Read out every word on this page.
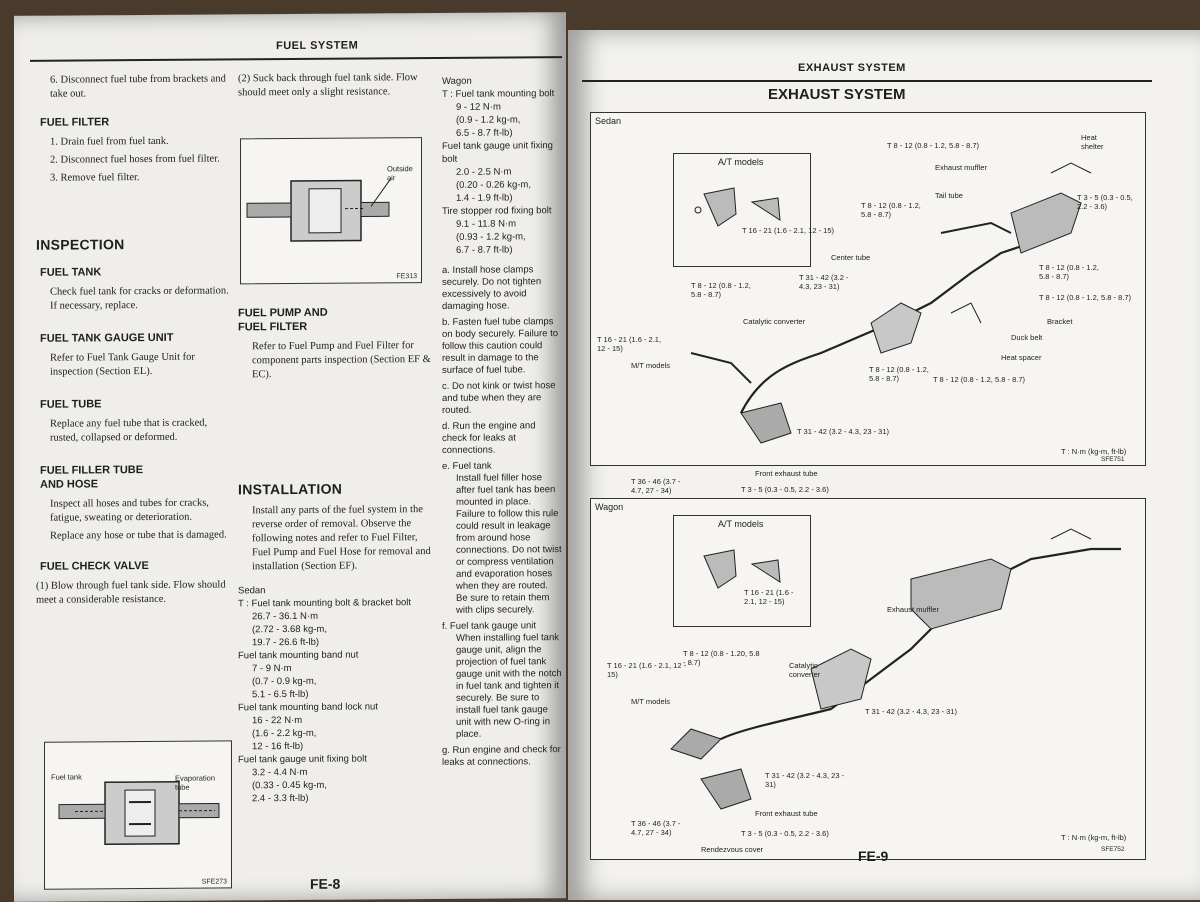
FUEL SYSTEM

6. Disconnect fuel tube from brackets and take out.

FUEL FILTER

1. Drain fuel from fuel tank.

2. Disconnect fuel hoses from fuel filter.

3. Remove fuel filter.

INSPECTION
FUEL TANK

Check fuel tank for cracks or deformation. If necessary, replace.

FUEL TANK GAUGE UNIT

Refer to Fuel Tank Gauge Unit for inspection (Section EL).

FUEL TUBE

Replace any fuel tube that is cracked, rusted, collapsed or deformed.

FUEL FILLER TUBE
AND HOSE

Inspect all hoses and tubes for cracks, fatigue, sweating or deterioration.

Replace any hose or tube that is damaged.

FUEL CHECK VALVE

(1) Blow through fuel tank side. Flow should meet a considerable resistance.

Fuel tank	Evaporation tube
SFE273

(2) Suck back through fuel tank side. Flow should meet only a slight resistance.

Outside air
FE313
FUEL PUMP AND
FUEL FILTER

Refer to Fuel Pump and Fuel Filter for component parts inspection (Section EF & EC).

INSTALLATION

Install any parts of the fuel system in the reverse order of removal. Observe the following notes and refer to Fuel Filter, Fuel Pump and Fuel Hose for removal and installation (Section EF).

Sedan
T : Fuel tank mounting bolt & bracket bolt
26.7 - 36.1 N·m
(2.72 - 3.68 kg-m,
19.7 - 26.6 ft-lb)
Fuel tank mounting band nut
7 - 9 N·m
(0.7 - 0.9 kg-m,
5.1 - 6.5 ft-lb)
Fuel tank mounting band lock nut
16 - 22 N·m
(1.6 - 2.2 kg-m,
12 - 16 ft-lb)
Fuel tank gauge unit fixing bolt
3.2 - 4.4 N·m
(0.33 - 0.45 kg-m,
2.4 - 3.3 ft-lb)
Wagon
T : Fuel tank mounting bolt
9 - 12 N·m
(0.9 - 1.2 kg-m,
6.5 - 8.7 ft-lb)
Fuel tank gauge unit fixing bolt
2.0 - 2.5 N·m
(0.20 - 0.26 kg-m,
1.4 - 1.9 ft-lb)
Tire stopper rod fixing bolt
9.1 - 11.8 N·m
(0.93 - 1.2 kg-m,
6.7 - 8.7 ft-lb)

a. Install hose clamps securely. Do not tighten excessively to avoid damaging hose.

b. Fasten fuel tube clamps on body securely. Failure to follow this caution could result in damage to the surface of fuel tube.

c. Do not kink or twist hose and tube when they are routed.

d. Run the engine and check for leaks at connections.

e. Fuel tank

Install fuel filler hose after fuel tank has been mounted in place. Failure to follow this rule could result in leakage from around hose connections. Do not twist or compress ventilation and evaporation hoses when they are routed. Be sure to retain them with clips securely.

f. Fuel tank gauge unit

When installing fuel tank gauge unit, align the projection of fuel tank gauge unit with the notch in fuel tank and tighten it securely. Be sure to install fuel tank gauge unit with new O-ring in place.

g. Run engine and check for leaks at connections.

FE-8
EXHAUST SYSTEM
EXHAUST SYSTEM
Sedan
A/T models
T 16 - 21 (1.6 - 2.1, 12 - 15)
T 8 - 12 (0.8 - 1.2, 5.8 - 8.7)
Heat shelter
Exhaust muffler
Tail tube	T 3 - 5 (0.3 - 0.5, 2.2 - 3.6)
T 8 - 12 (0.8 - 1.2, 5.8 - 8.7)
T 8 - 12 (0.8 - 1.2, 5.8 - 8.7)
Center tube
T 31 - 42 (3.2 - 4.3, 23 - 31)
T 8 - 12 (0.8 - 1.2, 5.8 - 8.7)
T 8 - 12 (0.8 - 1.2, 5.8 - 8.7)
Catalytic converter	Bracket
T 16 - 21 (1.6 - 2.1, 12 - 15)
Duck belt
Heat spacer
T 8 - 12 (0.8 - 1.2, 5.8 - 8.7)	T 8 - 12 (0.8 - 1.2, 5.8 - 8.7)
M/T models
T 31 - 42 (3.2 - 4.3, 23 - 31)
Front exhaust tube
T 36 - 46 (3.7 - 4.7, 27 - 34)	T 3 - 5 (0.3 - 0.5, 2.2 - 3.6)
T : N·m (kg-m, ft-lb)
SFE751
Wagon
A/T models
T 16 - 21 (1.6 - 2.1, 12 - 15)
Exhaust muffler
T 8 - 12 (0.8 - 1.20, 5.8 - 8.7)
T 16 - 21 (1.6 - 2.1, 12 - 15)
Catalytic converter
T 31 - 42 (3.2 - 4.3, 23 - 31)
M/T models
T 31 - 42 (3.2 - 4.3, 23 - 31)
Front exhaust tube
T 36 - 46 (3.7 - 4.7, 27 - 34)	T 3 - 5 (0.3 - 0.5, 2.2 - 3.6)
Rendezvous cover
T : N·m (kg-m, ft-lb)
SFE752
FE-9
